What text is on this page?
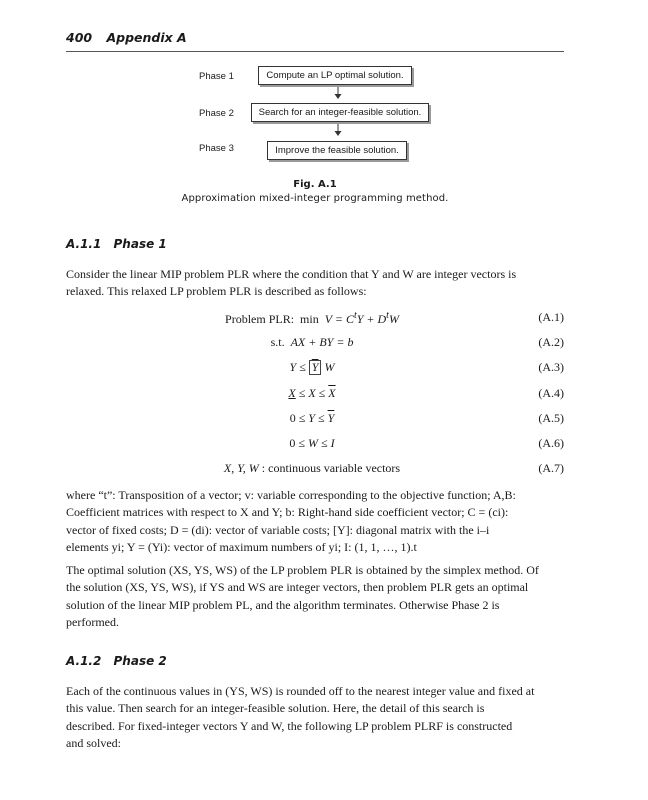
400 Appendix A
Phase 1	Compute an LP optimal solution.
Phase 2	Search for an integer-feasible solution.
Phase 3	Improve the feasible solution.
Fig. A.1
Approximation mixed-integer programming method.
A.1.1 Phase 1
Consider the linear MIP problem PLR where the condition that Y and W are integer vectors is
relaxed. This relaxed LP problem PLR is described as follows:
Problem PLR:  $\min V = C^tY + D^tW$	(A.1)
s.t.  AX + BY = b	(A.2)
$Y \le \overline{Y}$ W	(A.3)
$X \le X \le \overline{X}$	(A.4)
$0 \le Y \le \overline{Y}$	(A.5)
0 ≤ W ≤ I	(A.6)
X, Y, W : continuous variable vectors	(A.7)
where “t”: Transposition of a vector; v: variable corresponding to the objective function; A,B:
Coefficient matrices with respect to X and Y; b: Right-hand side coefficient vector; C = (ci):
vector of fixed costs; D = (di): vector of variable costs; [Y]: diagonal matrix with the i–i
elements yi; Y = (Yi): vector of maximum numbers of yi; I: (1, 1, …, 1).t
The optimal solution (XS, YS, WS) of the LP problem PLR is obtained by the simplex method. Of
the solution (XS, YS, WS), if YS and WS are integer vectors, then problem PLR gets an optimal
solution of the linear MIP problem PL, and the algorithm terminates. Otherwise Phase 2 is
performed.
A.1.2 Phase 2
Each of the continuous values in (YS, WS) is rounded off to the nearest integer value and fixed at
this value. Then search for an integer-feasible solution. Here, the detail of this search is
described. For fixed-integer vectors Y and W, the following LP problem PLRF is constructed
and solved:
